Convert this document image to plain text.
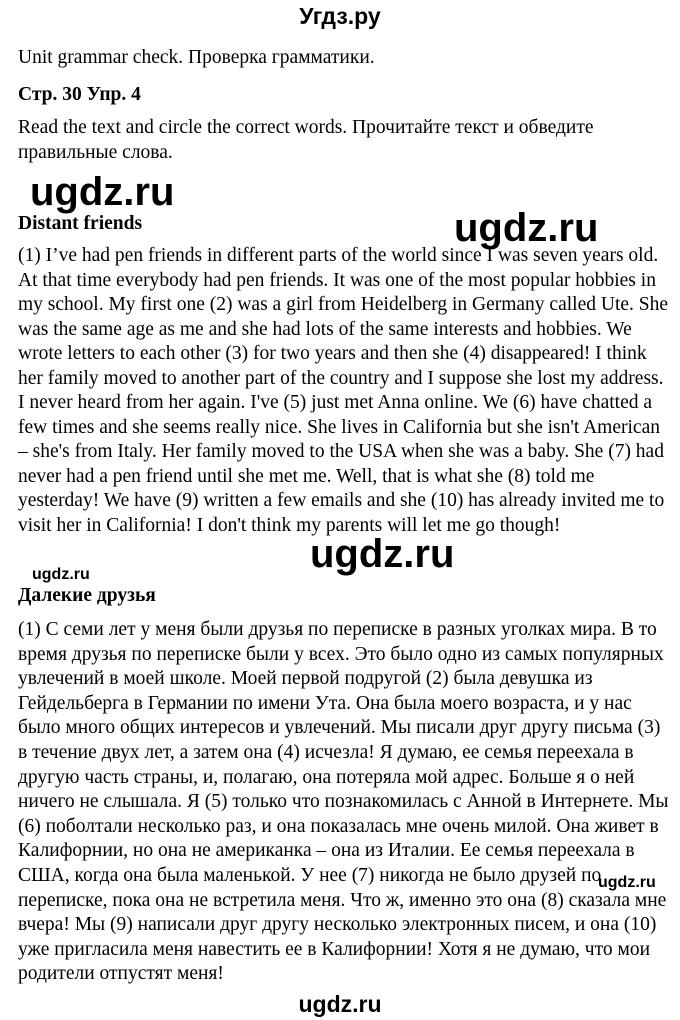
Угдз.ру
Unit grammar check. Проверка грамматики.
Стр. 30 Упр. 4
Read the text and circle the correct words. Прочитайте текст и обведите
правильные слова.
ugdz.ru
ugdz.ru
Distant friends
(1) I’ve had pen friends in different parts of the world since I was seven years old.
At that time everybody had pen friends. It was one of the most popular hobbies in
my school. My first one (2) was a girl from Heidelberg in Germany called Ute. She
was the same age as me and she had lots of the same interests and hobbies. We
wrote letters to each other (3) for two years and then she (4) disappeared! I think
her family moved to another part of the country and I suppose she lost my address.
I never heard from her again. I've (5) just met Anna online. We (6) have chatted a
few times and she seems really nice. She lives in California but she isn't American
– she's from Italy. Her family moved to the USA when she was a baby. She (7) had
never had a pen friend until she met me. Well, that is what she (8) told me
yesterday! We have (9) written a few emails and she (10) has already invited me to
visit her in California! I don't think my parents will let me go though!
ugdz.ru
ugdz.ru
Далекие друзья
(1) С семи лет у меня были друзья по переписке в разных уголках мира. В то
время друзья по переписке были у всех. Это было одно из самых популярных
увлечений в моей школе. Моей первой подругой (2) была девушка из
Гейдельберга в Германии по имени Ута. Она была моего возраста, и у нас
было много общих интересов и увлечений. Мы писали друг другу письма (3)
в течение двух лет, а затем она (4) исчезла! Я думаю, ее семья переехала в
другую часть страны, и, полагаю, она потеряла мой адрес. Больше я о ней
ничего не слышала. Я (5) только что познакомилась с Анной в Интернете. Мы
(6) поболтали несколько раз, и она показалась мне очень милой. Она живет в
Калифорнии, но она не американка – она из Италии. Ее семья переехала в
США, когда она была маленькой. У нее (7) никогда не было друзей по
переписке, пока она не встретила меня. Что ж, именно это она (8) сказала мне
вчера! Мы (9) написали друг другу несколько электронных писем, и она (10)
уже пригласила меня навестить ее в Калифорнии! Хотя я не думаю, что мои
родители отпустят меня!
ugdz.ru
ugdz.ru
